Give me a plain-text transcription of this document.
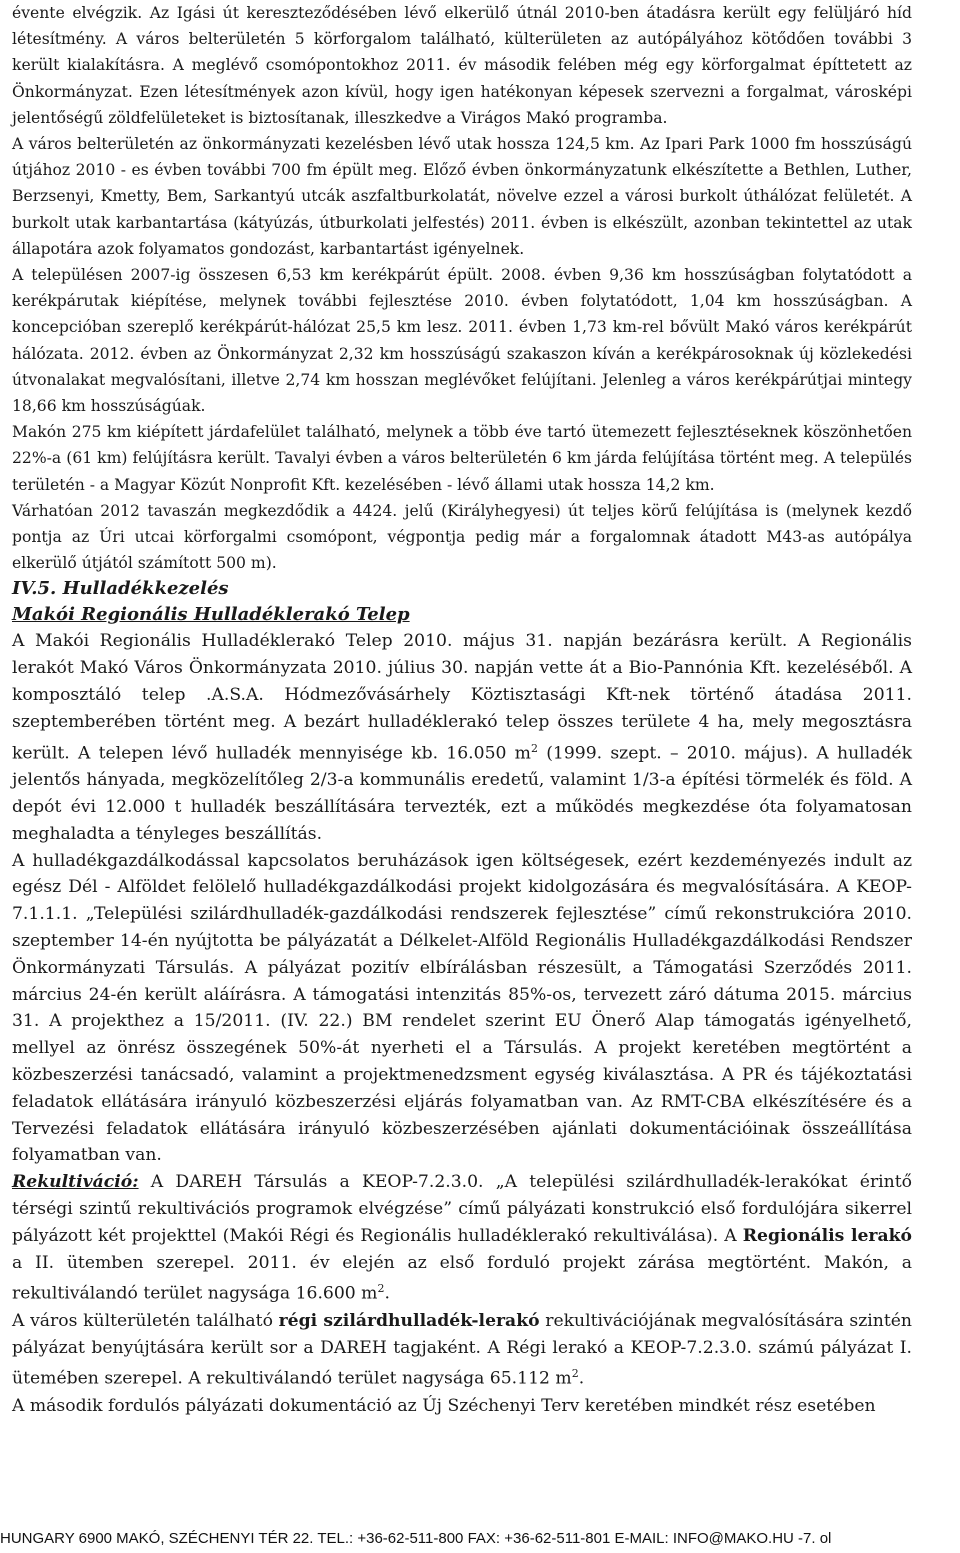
évente elvégzik. Az Igási út kereszteződésében lévő elkerülő útnál 2010-ben átadásra került egy felüljáró híd létesítmény. A város belterületén 5 körforgalom található, külterületen az autópályához kötődően további 3 került kialakításra. A meglévő csomópontokhoz 2011. év második felében még egy körforgalmat építtetett az Önkormányzat. Ezen létesítmények azon kívül, hogy igen hatékonyan képesek szervezni a forgalmat, városképi jelentőségű zöldfelületeket is biztosítanak, illeszkedve a Virágos Makó programba.

A város belterületén az önkormányzati kezelésben lévő utak hossza 124,5 km. Az Ipari Park 1000 fm hosszúságú útjához 2010 - es évben további 700 fm épült meg. Előző évben önkormányzatunk elkészítette a Bethlen, Luther, Berzsenyi, Kmetty, Bem, Sarkantyú utcák aszfaltburkolatát, növelve ezzel a városi burkolt úthálózat felületét. A burkolt utak karbantartása (kátyúzás, útburkolati jelfestés) 2011. évben is elkészült, azonban tekintettel az utak állapotára azok folyamatos gondozást, karbantartást igényelnek.

A településen 2007-ig összesen 6,53 km kerékpárút épült. 2008. évben 9,36 km hosszúságban folytatódott a kerékpárutak kiépítése, melynek további fejlesztése 2010. évben folytatódott, 1,04 km hosszúságban. A koncepcióban szereplő kerékpárút-hálózat 25,5 km lesz. 2011. évben 1,73 km-rel bővült Makó város kerékpárút hálózata. 2012. évben az Önkormányzat 2,32 km hosszúságú szakaszon kíván a kerékpárosoknak új közlekedési útvonalakat megvalósítani, illetve 2,74 km hosszan meglévőket felújítani. Jelenleg a város kerékpárútjai mintegy 18,66 km hosszúságúak.

Makón 275 km kiépített járdafelület található, melynek a több éve tartó ütemezett fejlesztéseknek köszönhetően 22%-a (61 km) felújításra került. Tavalyi évben a város belterületén 6 km járda felújítása történt meg. A település területén - a Magyar Közút Nonprofit Kft. kezelésében - lévő állami utak hossza 14,2 km.

Várhatóan 2012 tavaszán megkezdődik a 4424. jelű (Királyhegyesi) út teljes körű felújítása is (melynek kezdő pontja az Úri utcai körforgalmi csomópont, végpontja pedig már a forgalomnak átadott M43-as autópálya elkerülő útjától számított 500 m).

IV.5. Hulladékkezelés
Makói Regionális Hulladéklerakó Telep

A Makói Regionális Hulladéklerakó Telep 2010. május 31. napján bezárásra került. A Regionális lerakót Makó Város Önkormányzata 2010. július 30. napján vette át a Bio-Pannónia Kft. kezeléséből. A komposztáló telep .A.S.A. Hódmezővásárhely Köztisztasági Kft-nek történő átadása 2011. szeptemberében történt meg. A bezárt hulladéklerakó telep összes területe 4 ha, mely megosztásra került. A telepen lévő hulladék mennyisége kb. 16.050 $m^2$ (1999. szept. – 2010. május). A hulladék jelentős hányada, megközelítőleg 2/3-a kommunális eredetű, valamint 1/3-a építési törmelék és föld. A depót évi 12.000 t hulladék beszállítására tervezték, ezt a működés megkezdése óta folyamatosan meghaladta a tényleges beszállítás.

A hulladékgazdálkodással kapcsolatos beruházások igen költségesek, ezért kezdeményezés indult az egész Dél - Alföldet felölelő hulladékgazdálkodási projekt kidolgozására és megvalósítására. A KEOP-7.1.1.1. „Települési szilárdhulladék-gazdálkodási rendszerek fejlesztése” című rekonstrukcióra 2010. szeptember 14-én nyújtotta be pályázatát a Délkelet-Alföld Regionális Hulladékgazdálkodási Rendszer Önkormányzati Társulás. A pályázat pozitív elbírálásban részesült, a Támogatási Szerződés 2011. március 24-én került aláírásra. A támogatási intenzitás 85%-os, tervezett záró dátuma 2015. március 31. A projekthez a 15/2011. (IV. 22.) BM rendelet szerint EU Önerő Alap támogatás igényelhető, mellyel az önrész összegének 50%-át nyerheti el a Társulás. A projekt keretében megtörtént a közbeszerzési tanácsadó, valamint a projektmenedzsment egység kiválasztása. A PR és tájékoztatási feladatok ellátására irányuló közbeszerzési eljárás folyamatban van. Az RMT-CBA elkészítésére és a Tervezési feladatok ellátására irányuló közbeszerzésében ajánlati dokumentációinak összeállítása folyamatban van.

Rekultiváció: A DAREH Társulás a KEOP-7.2.3.0. „A települési szilárdhulladék-lerakókat érintő térségi szintű rekultivációs programok elvégzése” című pályázati konstrukció első fordulójára sikerrel pályázott két projekttel (Makói Régi és Regionális hulladéklerakó rekultiválása). A Regionális lerakó a II. ütemben szerepel. 2011. év elején az első forduló projekt zárása megtörtént. Makón, a rekultiválandó terület nagysága 16.600 $m^2$.

A város külterületén található régi szilárdhulladék-lerakó rekultivációjának megvalósítására szintén pályázat benyújtására került sor a DAREH tagjaként. A Régi lerakó a KEOP-7.2.3.0. számú pályázat I. ütemében szerepel. A rekultiválandó terület nagysága 65.112 $m^2$.

A második fordulós pályázati dokumentáció az Új Széchenyi Terv keretében mindkét rész esetében

HUNGARY 6900 MAKÓ, SZÉCHENYI TÉR 22. TEL.: +36-62-511-800 FAX: +36-62-511-801 E-MAIL: INFO@MAKO.HU -7. ol
